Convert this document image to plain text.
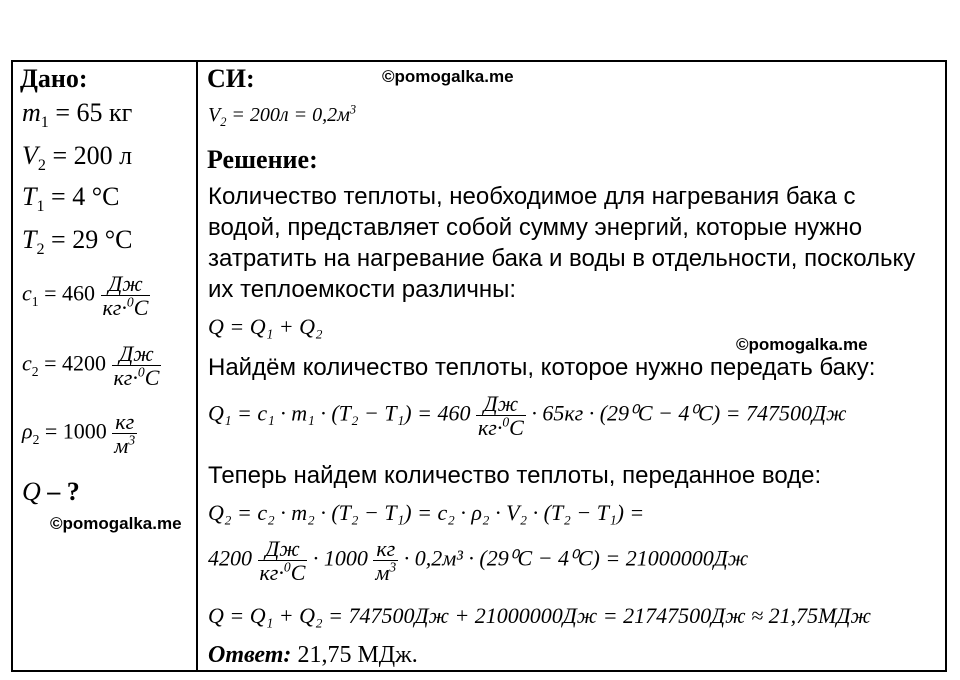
Дано:
$m_1 = 65$ кг
$V_2 = 200$ л
$T_1 = 4$ °С
$T_2 = 29$ °С
$c_1 = 460 \frac{Дж}{кг\cdot^0С}$
$c_2 = 4200 \frac{Дж}{кг\cdot^0С}$
$\rho_2 = 1000 \frac{кг}{м^3}$
Q – ?
©pomogalka.me
СИ:	©pomogalka.me
$V_2 = 200л = 0,2м^3$
Решение:
Количество теплоты, необходимое для нагревания бака с
водой, представляет собой сумму энергий, которые нужно
затратить на нагревание бака и воды в отдельности, поскольку
их теплоемкости различны:
Q = Q₁ + Q₂
©pomogalka.me
Найдём количество теплоты, которое нужно передать баку:
$Q_1 = c_1 \cdot m_1 \cdot (T_2 - T_1) = 460 \frac{Дж}{кг\cdot^0С} \cdot 65кг \cdot (29^0С - 4^0С) = 747500Дж$
Теперь найдем количество теплоты, переданное воде:
Q₂ = c₂ · m₂ · (T₂ − T₁) = c₂ · ρ₂ · V₂ · (T₂ − T₁) =
$4200 \frac{Дж}{кг\cdot^0С} \cdot 1000 \frac{кг}{м^3} \cdot 0,2м^3 \cdot (29^0С - 4^0С) = 21000000Дж$
Q = Q₁ + Q₂ = 747500Дж + 21000000Дж = 21747500Дж ≈ 21,75МДж
Ответ: 21,75 МДж.
